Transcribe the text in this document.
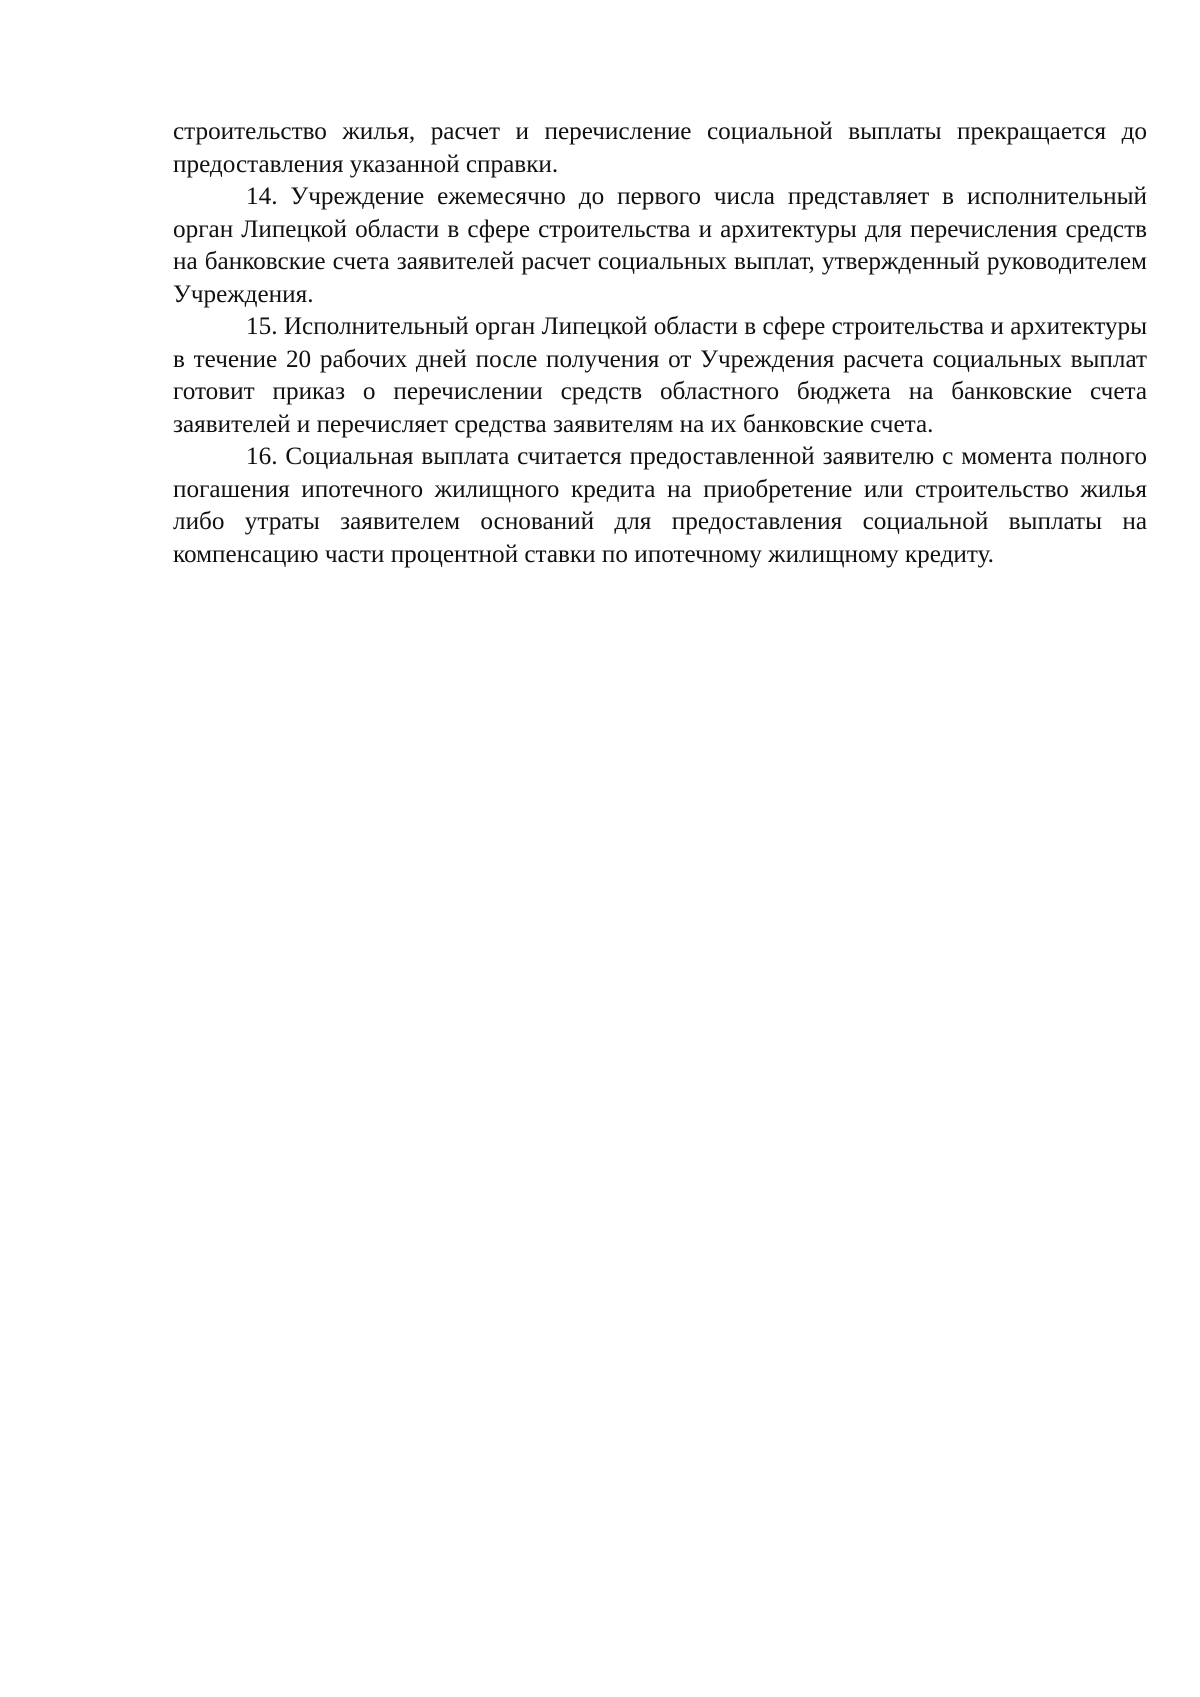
строительство жилья, расчет и перечисление социальной выплаты прекращается до предоставления указанной справки.

14. Учреждение ежемесячно до первого числа представляет в исполнительный орган Липецкой области в сфере строительства и архитектуры для перечисления средств на банковские счета заявителей расчет социальных выплат, утвержденный руководителем Учреждения.

15. Исполнительный орган Липецкой области в сфере строительства и архитектуры в течение 20 рабочих дней после получения от Учреждения расчета социальных выплат готовит приказ о перечислении средств областного бюджета на банковские счета заявителей и перечисляет средства заявителям на их банковские счета.

16. Социальная выплата считается предоставленной заявителю с момента полного погашения ипотечного жилищного кредита на приобретение или строительство жилья либо утраты заявителем оснований для предоставления социальной выплаты на компенсацию части процентной ставки по ипотечному жилищному кредиту.
